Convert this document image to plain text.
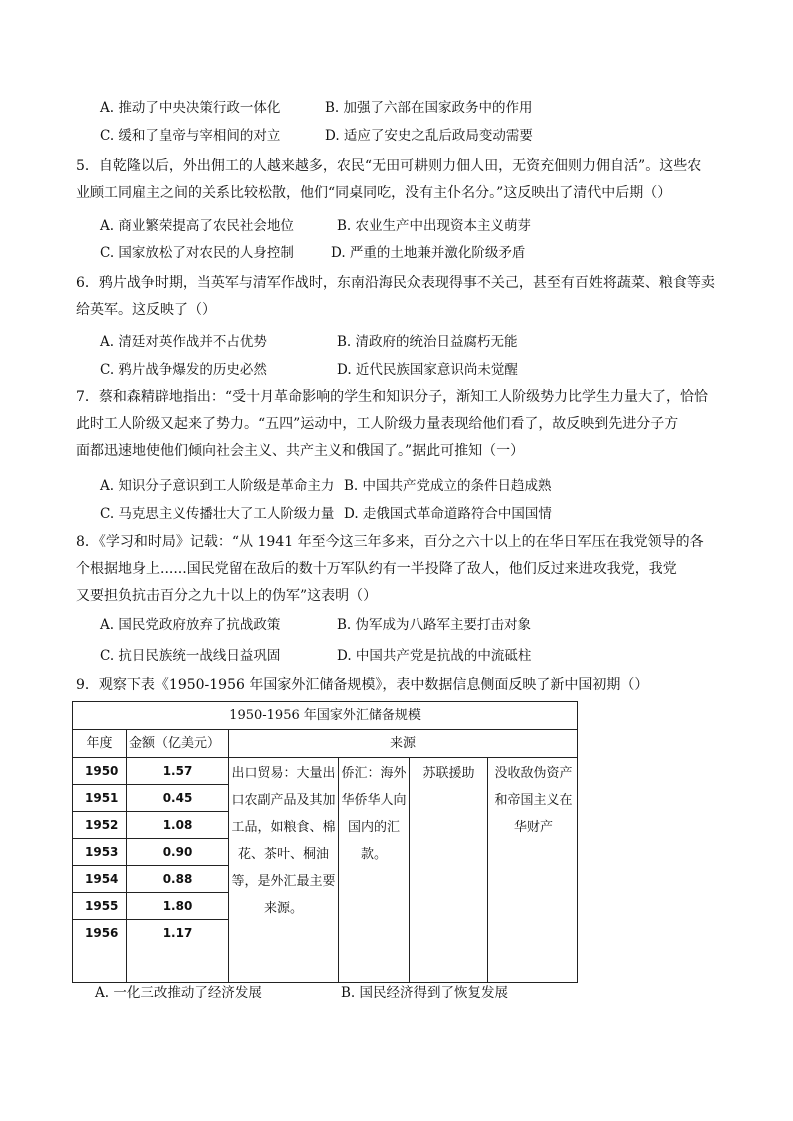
A. 推动了中央决策行政一体化	B. 加强了六部在国家政务中的作用
C. 缓和了皇帝与宰相间的对立	D. 适应了安史之乱后政局变动需要
5．自乾隆以后，外出佣工的人越来越多，农民“无田可耕则力佃人田，无资充佃则力佣自活”。这些农
业顾工同雇主之间的关系比较松散，他们“同桌同吃，没有主仆名分。”这反映出了清代中后期（）
A. 商业繁荣提高了农民社会地位	B. 农业生产中出现资本主义萌芽
C. 国家放松了对农民的人身控制	D. 严重的土地兼并激化阶级矛盾
6．鸦片战争时期，当英军与清军作战时，东南沿海民众表现得事不关己，甚至有百姓将蔬菜、粮食等卖
给英军。这反映了（）
A. 清廷对英作战并不占优势	B. 清政府的统治日益腐朽无能
C. 鸦片战争爆发的历史必然	D. 近代民族国家意识尚未觉醒
7．蔡和森精辟地指出：“受十月革命影响的学生和知识分子，渐知工人阶级势力比学生力量大了，恰恰
此时工人阶级又起来了势力。“五四”运动中，工人阶级力量表现给他们看了，故反映到先进分子方
面都迅速地使他们倾向社会主义、共产主义和俄国了。”据此可推知（一）
A. 知识分子意识到工人阶级是革命主力 B. 中国共产党成立的条件日趋成熟
C. 马克思主义传播壮大了工人阶级力量 D. 走俄国式革命道路符合中国国情
8．《学习和时局》记载：“从 1941 年至今这三年多来，百分之六十以上的在华日军压在我党领导的各
个根据地身上......国民党留在敌后的数十万军队约有一半投降了敌人，他们反过来进攻我党，我党
又要担负抗击百分之九十以上的伪军”这表明（）
A. 国民党政府放弃了抗战政策	B. 伪军成为八路军主要打击对象
C. 抗日民族统一战线日益巩固	D. 中国共产党是抗战的中流砥柱
9．观察下表《1950-1956 年国家外汇储备规模》，表中数据信息侧面反映了新中国初期（）
1950-1956 年国家外汇储备规模					
年度	金额（亿美元）	来源			
1950	1.57	出口贸易：大量出
口农副产品及其加工品，如粮食、棉花、茶叶、桐油等，是外汇最主要
来源。	侨汇：海外华侨华人向国内的汇款。	苏联援助	没收敌伪资产和帝国主义在华财产
1951	0.45				
1952	1.08				
1953	0.90				
1954	0.88				
1955	1.80				
1956	1.17				
A. 一化三改推动了经济发展	B. 国民经济得到了恢复发展
